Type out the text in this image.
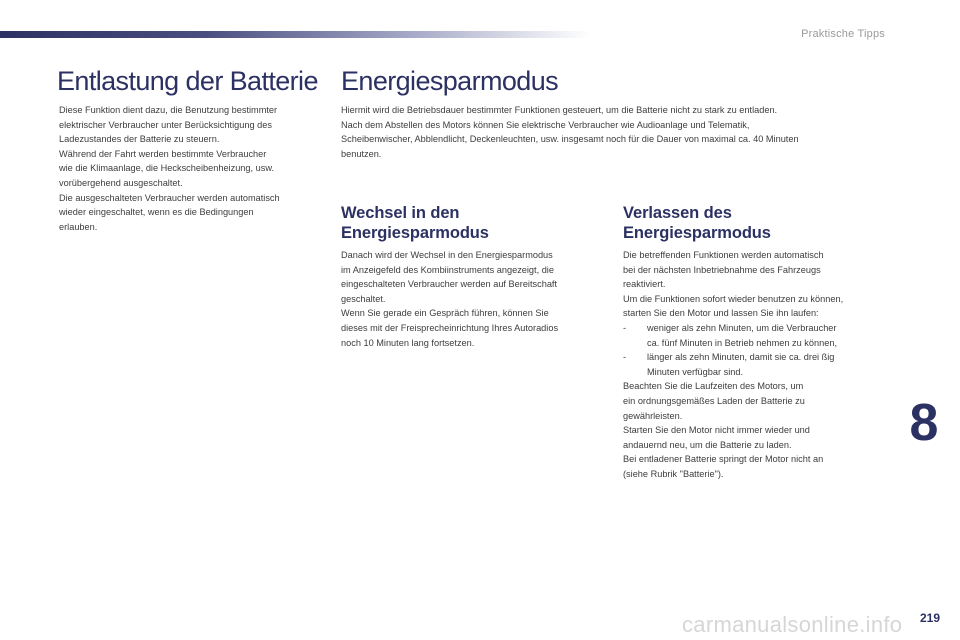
Praktische Tipps
Entlastung der Batterie
Diese Funktion dient dazu, die Benutzung bestimmter
elektrischer Verbraucher unter Berücksichtigung des
Ladezustandes der Batterie zu steuern.
Während der Fahrt werden bestimmte Verbraucher
wie die Klimaanlage, die Heckscheibenheizung, usw.
vorübergehend ausgeschaltet.
Die ausgeschalteten Verbraucher werden automatisch
wieder eingeschaltet, wenn es die Bedingungen
erlauben.
Energiesparmodus
Hiermit wird die Betriebsdauer bestimmter Funktionen gesteuert, um die Batterie nicht zu stark zu entladen.
Nach dem Abstellen des Motors können Sie elektrische Verbraucher wie Audioanlage und Telematik,
Scheibenwischer, Abblendlicht, Deckenleuchten, usw. insgesamt noch für die Dauer von maximal ca. 40 Minuten
benutzen.
Wechsel in den
Energiesparmodus
Danach wird der Wechsel in den Energiesparmodus
im Anzeigefeld des Kombiinstruments angezeigt, die
eingeschalteten Verbraucher werden auf Bereitschaft
geschaltet.
Wenn Sie gerade ein Gespräch führen, können Sie
dieses mit der Freisprecheinrichtung Ihres Autoradios
noch 10 Minuten lang fortsetzen.
Verlassen des
Energiesparmodus
Die betreffenden Funktionen werden automatisch
bei der nächsten Inbetriebnahme des Fahrzeugs
reaktiviert.
Um die Funktionen sofort wieder benutzen zu können,
starten Sie den Motor und lassen Sie ihn laufen:
- weniger als zehn Minuten, um die Verbraucher
ca. fünf Minuten in Betrieb nehmen zu können,
- länger als zehn Minuten, damit sie ca. drei ßig
Minuten verfügbar sind.
Beachten Sie die Laufzeiten des Motors, um
ein ordnungsgemäßes Laden der Batterie zu
gewährleisten.
Starten Sie den Motor nicht immer wieder und
andauernd neu, um die Batterie zu laden.
Bei entladener Batterie springt der Motor nicht an
(siehe Rubrik "Batterie").
8
carmanualsonline.info 219
